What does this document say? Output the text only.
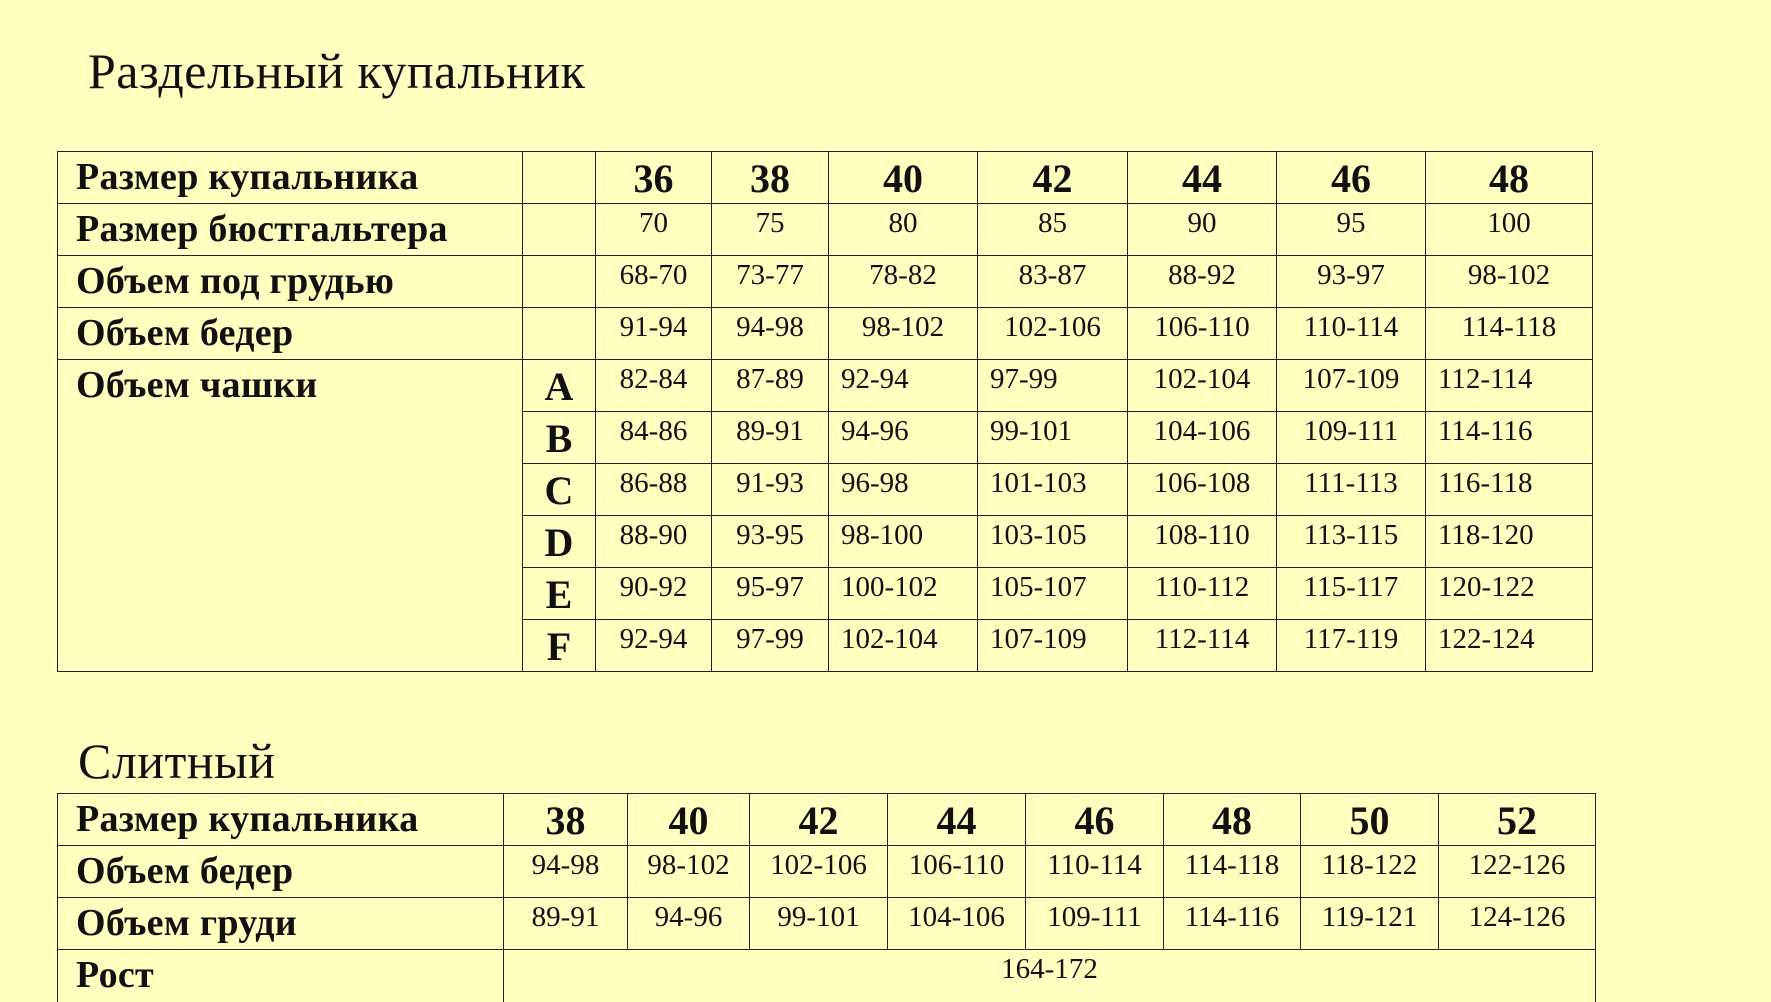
Раздельный купальник
Размер купальника		36	38	40	42	44	46	48
Размер бюстгальтера		70	75	80	85	90	95	100
Объем под грудью		68-70	73-77	78-82	83-87	88-92	93-97	98-102
Объем бедер		91-94	94-98	98-102	102-106	106-110	110-114	114-118
Объем чашки	A	82-84	87-89	92-94	97-99	102-104	107-109	112-114
	B	84-86	89-91	94-96	99-101	104-106	109-111	114-116
	C	86-88	91-93	96-98	101-103	106-108	111-113	116-118
	D	88-90	93-95	98-100	103-105	108-110	113-115	118-120
	E	90-92	95-97	100-102	105-107	110-112	115-117	120-122
	F	92-94	97-99	102-104	107-109	112-114	117-119	122-124
Слитный
Размер купальника	38	40	42	44	46	48	50	52
Объем бедер	94-98	98-102	102-106	106-110	110-114	114-118	118-122	122-126
Объем груди	89-91	94-96	99-101	104-106	109-111	114-116	119-121	124-126
Рост	164-172							
